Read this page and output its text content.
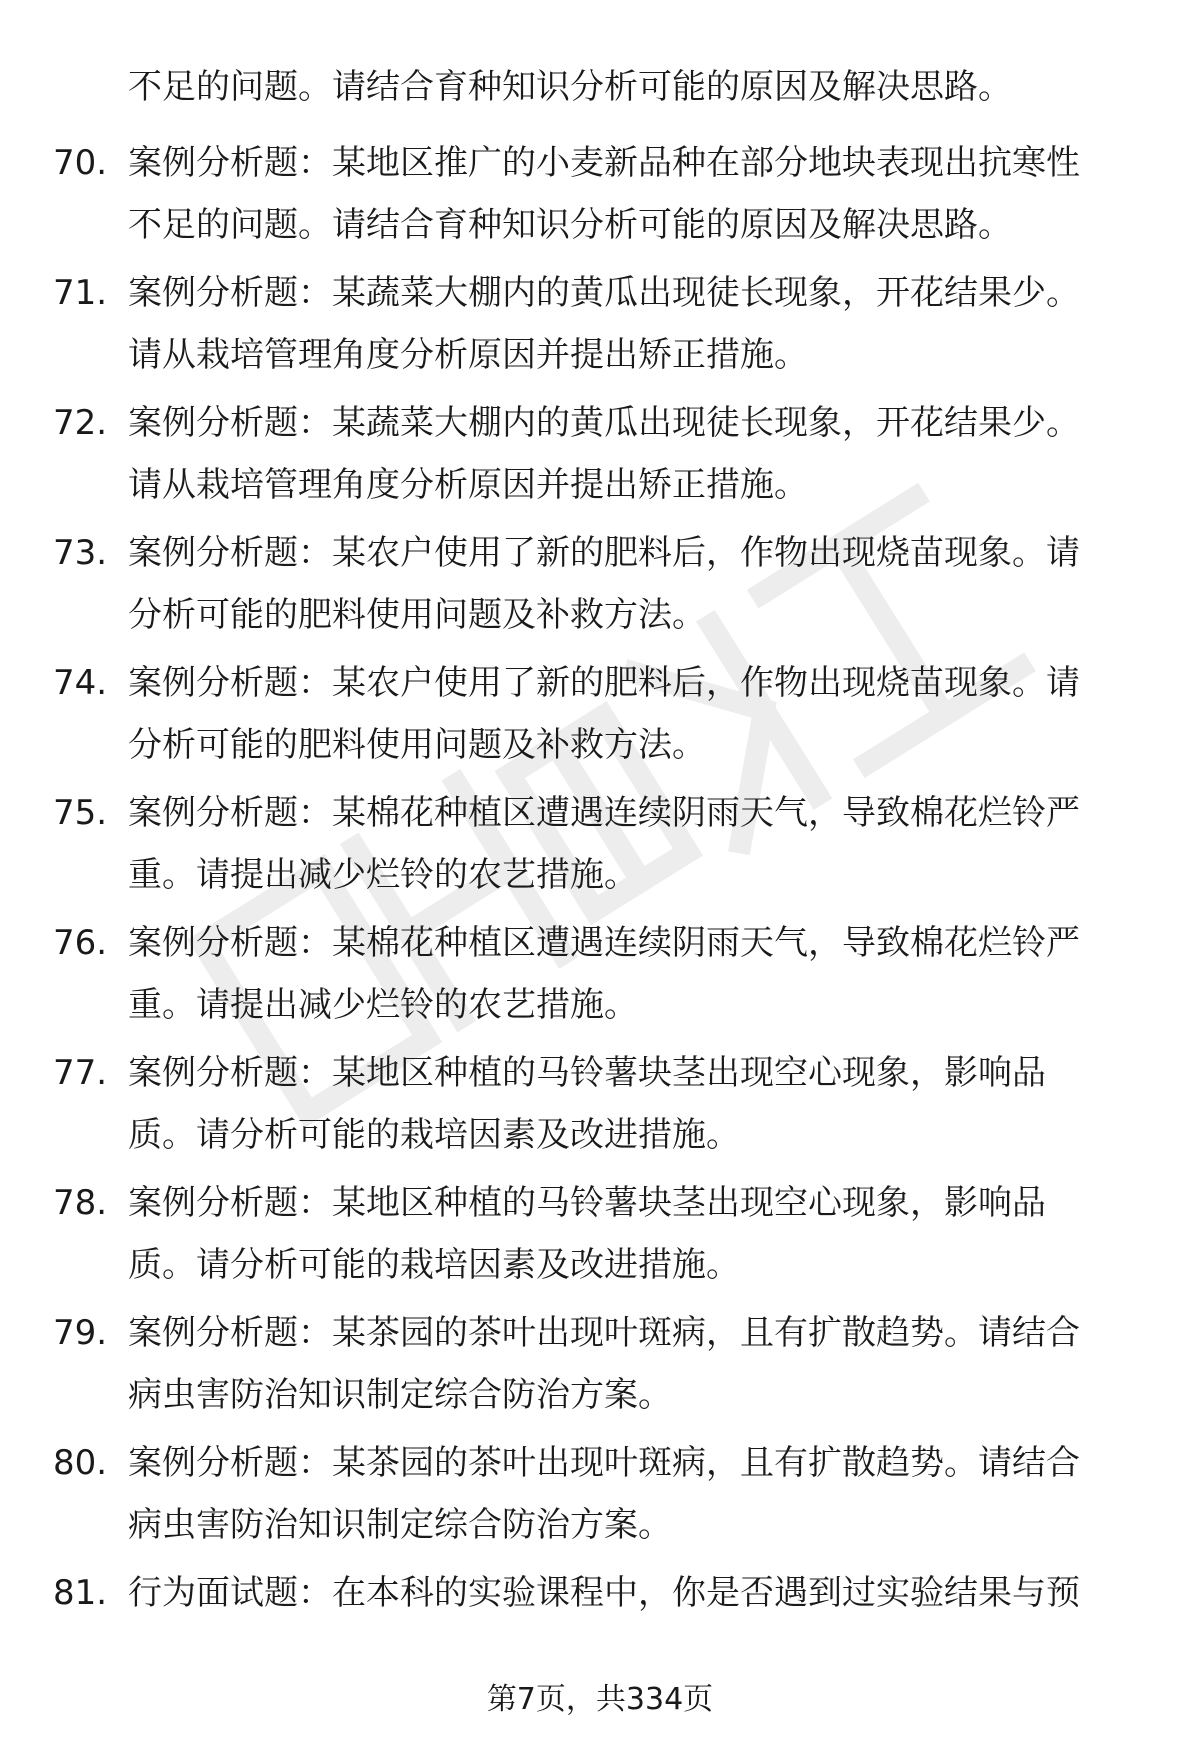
不足的问题。请结合育种知识分析可能的原因及解决思路。

70. 案例分析题：某地区推广的小麦新品种在部分地块表现出抗寒性
不足的问题。请结合育种知识分析可能的原因及解决思路。
71. 案例分析题：某蔬菜大棚内的黄瓜出现徒长现象，开花结果少。
请从栽培管理角度分析原因并提出矫正措施。
72. 案例分析题：某蔬菜大棚内的黄瓜出现徒长现象，开花结果少。
请从栽培管理角度分析原因并提出矫正措施。
73. 案例分析题：某农户使用了新的肥料后，作物出现烧苗现象。请
分析可能的肥料使用问题及补救方法。
74. 案例分析题：某农户使用了新的肥料后，作物出现烧苗现象。请
分析可能的肥料使用问题及补救方法。
75. 案例分析题：某棉花种植区遭遇连续阴雨天气，导致棉花烂铃严
重。请提出减少烂铃的农艺措施。
76. 案例分析题：某棉花种植区遭遇连续阴雨天气，导致棉花烂铃严
重。请提出减少烂铃的农艺措施。
77. 案例分析题：某地区种植的马铃薯块茎出现空心现象，影响品
质。请分析可能的栽培因素及改进措施。
78. 案例分析题：某地区种植的马铃薯块茎出现空心现象，影响品
质。请分析可能的栽培因素及改进措施。
79. 案例分析题：某茶园的茶叶出现叶斑病，且有扩散趋势。请结合
病虫害防治知识制定综合防治方案。
80. 案例分析题：某茶园的茶叶出现叶斑病，且有扩散趋势。请结合
病虫害防治知识制定综合防治方案。
81. 行为面试题：在本科的实验课程中，你是否遇到过实验结果与预
第7页，共334页
